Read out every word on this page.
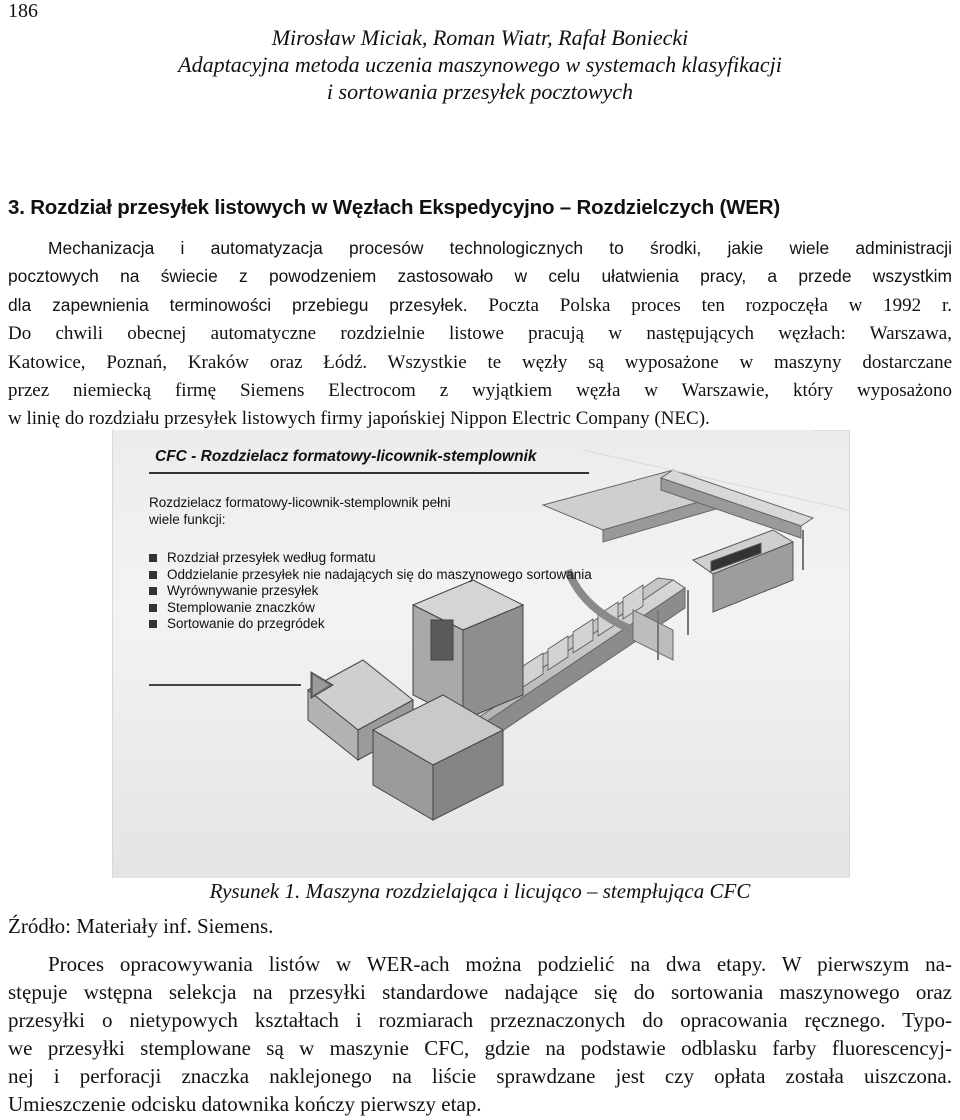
186
Mirosław Miciak, Roman Wiatr, Rafał Boniecki
Adaptacyjna metoda uczenia maszynowego w systemach klasyfikacji
i sortowania przesyłek pocztowych
3. Rozdział przesyłek listowych w Węzłach Ekspedycyjno – Rozdzielczych (WER)
Mechanizacja i automatyzacja procesów technologicznych to środki, jakie wiele administracji
pocztowych na świecie z powodzeniem zastosowało w celu ułatwienia pracy, a przede wszystkim
dla zapewnienia terminowości przebiegu przesyłek. Poczta Polska proces ten rozpoczęła w 1992 r.
Do chwili obecnej automatyczne rozdzielnie listowe pracują w następujących węzłach: Warszawa,
Katowice, Poznań, Kraków oraz Łódź. Wszystkie te węzły są wyposażone w maszyny dostarczane
przez niemiecką firmę Siemens Electrocom z wyjątkiem węzła w Warszawie, który wyposażono
w linię do rozdziału przesyłek listowych firmy japońskiej Nippon Electric Company (NEC).
CFC - Rozdzielacz formatowy-licownik-stemplownik
Rozdzielacz formatowy-licownik-stemplownik pełni wiele funkcji:
Rozdział przesyłek według formatu
Oddzielanie przesyłek nie nadających się do maszynowego sortowania
Wyrównywanie przesyłek
Stemplowanie znaczków
Sortowanie do przegródek
Rysunek 1. Maszyna rozdzielająca i licująco – stempłująca CFC
Źródło: Materiały inf. Siemens.
Proces opracowywania listów w WER-ach można podzielić na dwa etapy. W pierwszym na-
stępuje wstępna selekcja na przesyłki standardowe nadające się do sortowania maszynowego oraz
przesyłki o nietypowych kształtach i rozmiarach przeznaczonych do opracowania ręcznego. Typo-
we przesyłki stemplowane są w maszynie CFC, gdzie na podstawie odblasku farby fluorescencyj-
nej i perforacji znaczka naklejonego na liście sprawdzane jest czy opłata została uiszczona.
Umieszczenie odcisku datownika kończy pierwszy etap.
